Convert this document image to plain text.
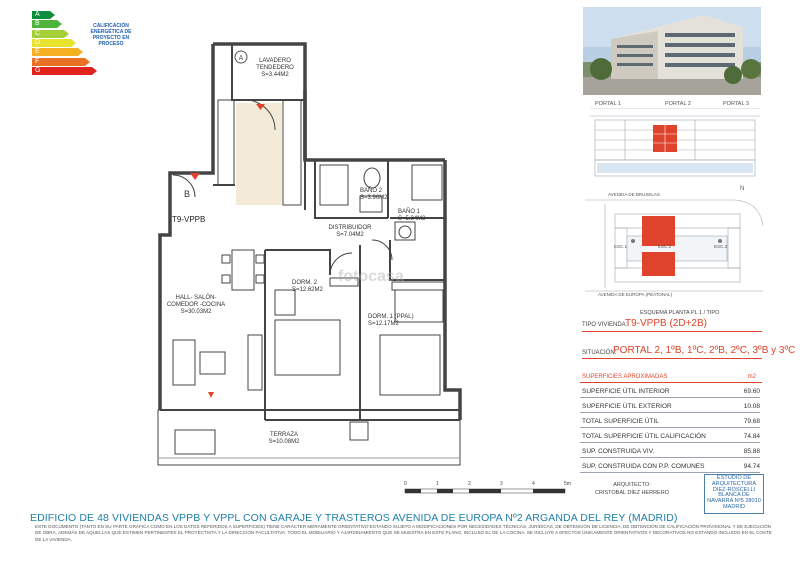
A
B
C
D
E
F
G
CALIFICACIÓN ENERGÉTICA DE PROYECTO EN PROCESO
A	LAVADERO TENDEDERO
S=3.44M2
BAÑO 2
S=3.96M2
BAÑO 1
S=5.34M2
DISTRIBUIDOR
S=7.04M2
HALL- SALÓN-COMEDOR -COCINA
S=30.03M2
DORM. 2
S=12.62M2
DORM. 1 (PPAL)
S=12.17M2
TERRAZA
S=10.08M2
B
T9-VPPB
fotocasa
0	1	2	3	4	5m
PORTAL 1	PORTAL 2	PORTAL 3
AVENIDA DE BRUSELAS
AVENIDA DE EUROPA (PEATONAL)
ESC.1	ESC.2	ESC.3
ESQUEMA PLANTA PL 1 / TIPO
N
TIPO VIVIENDA:
T9-VPPB (2D+2B)
SITUACIÓN:
PORTAL 2, 1ºB, 1ºC, 2ºB, 2ºC, 3ºB y 3ºC
SUPERFICIES APROXIMADAS	m2
SUPERFICIE ÚTIL INTERIOR	69.60
SUPERFICIE ÚTIL EXTERIOR	10.08
TOTAL SUPERFICIE ÚTIL	79.68
TOTAL SUPERFICIE ÚTIL CALIFICACIÓN	74.84
SUP. CONSTRUIDA VIV.	85.88
SUP. CONSTRUIDA CON P.P. COMUNES	94.74
ARQUITECTO:
CRISTOBAL DÍEZ HERRERO
ESTUDIO DE ARQUITECTURA DIEZ-ROSCELLI BLANCA DE NAVARRA Nº5 28010 MADRID
EDIFICIO DE 48 VIVIENDAS VPPB Y VPPL CON GARAJE Y TRASTEROS AVENIDA DE EUROPA Nº2 ARGANDA DEL REY (MADRID)
ESTE DOCUMENTO (TANTO EN SU PARTE GRÁFICA COMO EN LOS DATOS REFERIDOS A SUPERFICIES) TIENE CARÁCTER MERAMENTE ORIENTATIVO ESTANDO SUJETO A MODIFICACIONES POR NECESIDADES TÉCNICAS, JURÍDICAS, DE OBTENCIÓN DE LICENCIA, DE OBTENCIÓN DE CALIFICACIÓN PROVISIONAL Y DE EJECUCIÓN DE OBRA, ADEMÁS DE AQUELLAS QUE ESTIMEN PERTINENTES EL PROYECTISTA Y LA DIRECCIÓN FACULTATIVA. TODO EL MOBILIARIO Y AJARDINAMIENTO QUE SE MUESTRA EN ESTE PLANO, INCLUSO EL DE LA COCINA, SE INCLUYE A EFECTOS ÚNICAMENTE ORIENTATIVOS Y DECORATIVOS NO ESTANDO INCLUIDO EN EL COSTE DE LA VIVIENDA.
